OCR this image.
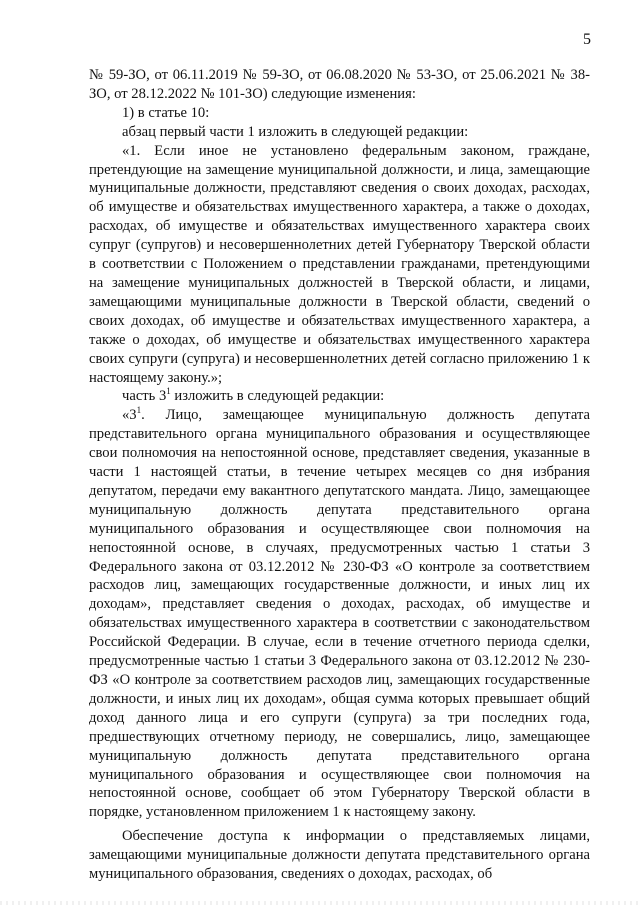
5

№ 59-ЗО, от 06.11.2019 № 59-ЗО, от 06.08.2020 № 53-ЗО, от 25.06.2021 № 38-ЗО, от 28.12.2022 № 101-ЗО) следующие изменения:

1) в статье 10:

абзац первый части 1 изложить в следующей редакции:

«1. Если иное не установлено федеральным законом, граждане, претендующие на замещение муниципальной должности, и лица, замещающие муниципальные должности, представляют сведения о своих доходах, расходах, об имуществе и обязательствах имущественного характера, а также о доходах, расходах, об имуществе и обязательствах имущественного характера своих супруг (супругов) и несовершеннолетних детей Губернатору Тверской области в соответствии с Положением о представлении гражданами, претендующими на замещение муниципальных должностей в Тверской области, и лицами, замещающими муниципальные должности в Тверской области, сведений о своих доходах, об имуществе и обязательствах имущественного характера, а также о доходах, об имуществе и обязательствах имущественного характера своих супруги (супруга) и несовершеннолетних детей согласно приложению 1 к настоящему закону.»;

часть $3^1$ изложить в следующей редакции:

«$3^1$. Лицо, замещающее муниципальную должность депутата представительного органа муниципального образования и осуществляющее свои полномочия на непостоянной основе, представляет сведения, указанные в части 1 настоящей статьи, в течение четырех месяцев со дня избрания депутатом, передачи ему вакантного депутатского мандата. Лицо, замещающее муниципальную должность депутата представительного органа муниципального образования и осуществляющее свои полномочия на непостоянной основе, в случаях, предусмотренных частью 1 статьи 3 Федерального закона от 03.12.2012 № 230-ФЗ «О контроле за соответствием расходов лиц, замещающих государственные должности, и иных лиц их доходам», представляет сведения о доходах, расходах, об имуществе и обязательствах имущественного характера в соответствии с законодательством Российской Федерации. В случае, если в течение отчетного периода сделки, предусмотренные частью 1 статьи 3 Федерального закона от 03.12.2012 № 230-ФЗ «О контроле за соответствием расходов лиц, замещающих государственные должности, и иных лиц их доходам», общая сумма которых превышает общий доход данного лица и его супруги (супруга) за три последних года, предшествующих отчетному периоду, не совершались, лицо, замещающее муниципальную должность депутата представительного органа муниципального образования и осуществляющее свои полномочия на непостоянной основе, сообщает об этом Губернатору Тверской области в порядке, установленном приложением 1 к настоящему закону.

Обеспечение доступа к информации о представляемых лицами, замещающими муниципальные должности депутата представительного органа муниципального образования, сведениях о доходах, расходах, об
